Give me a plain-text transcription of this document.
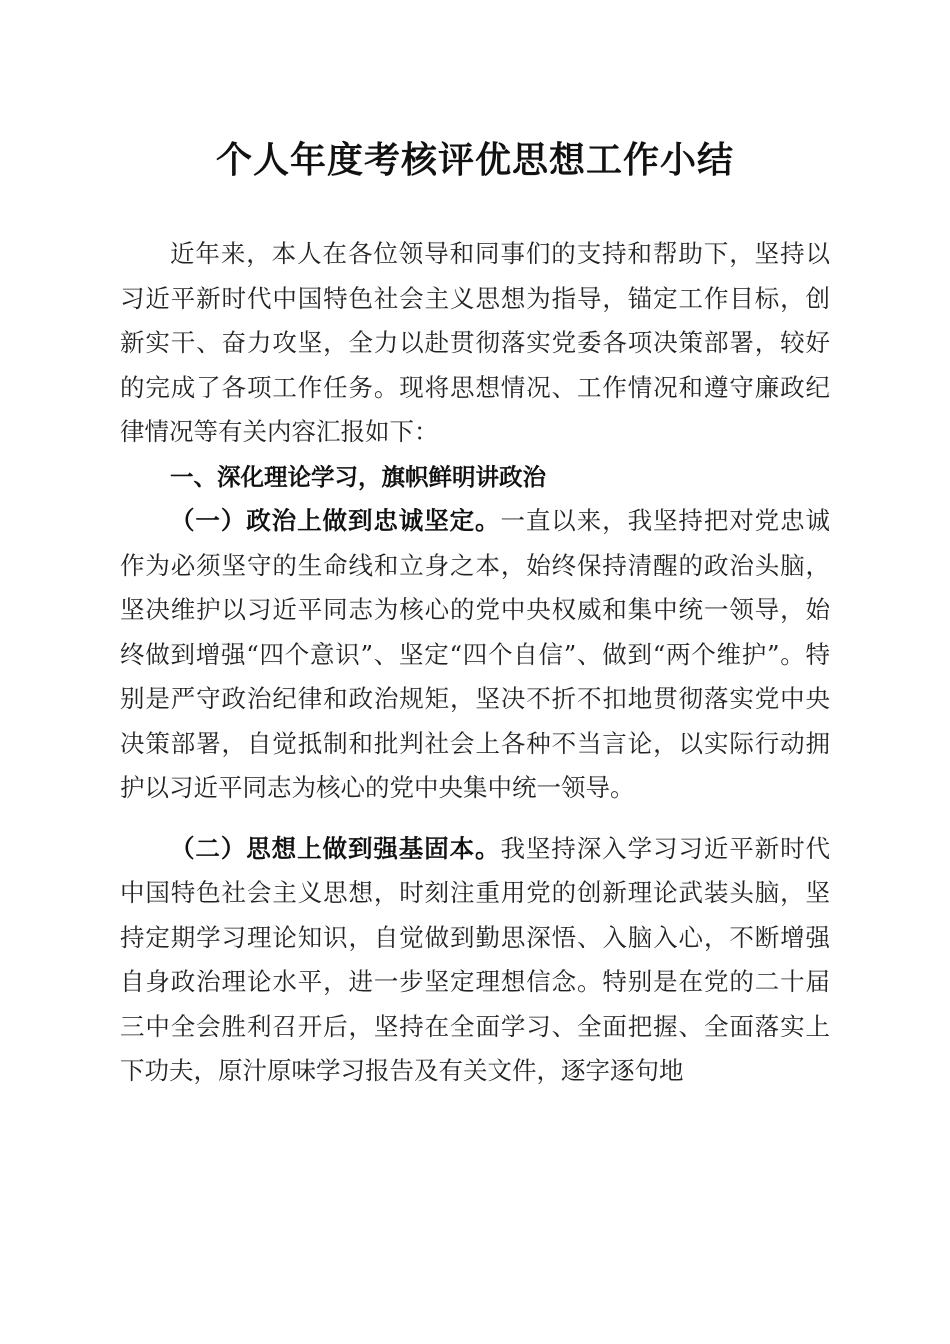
个人年度考核评优思想工作小结

近年来，本人在各位领导和同事们的支持和帮助下，坚持以习近平新时代中国特色社会主义思想为指导，锚定工作目标，创新实干、奋力攻坚，全力以赴贯彻落实党委各项决策部署，较好的完成了各项工作任务。现将思想情况、工作情况和遵守廉政纪律情况等有关内容汇报如下：

一、深化理论学习，旗帜鲜明讲政治

（一）政治上做到忠诚坚定。一直以来，我坚持把对党忠诚作为必须坚守的生命线和立身之本，始终保持清醒的政治头脑，坚决维护以习近平同志为核心的党中央权威和集中统一领导，始终做到增强“四个意识”、坚定“四个自信”、做到“两个维护”。特别是严守政治纪律和政治规矩，坚决不折不扣地贯彻落实党中央决策部署，自觉抵制和批判社会上各种不当言论，以实际行动拥护以习近平同志为核心的党中央集中统一领导。

（二）思想上做到强基固本。我坚持深入学习习近平新时代中国特色社会主义思想，时刻注重用党的创新理论武装头脑，坚持定期学习理论知识，自觉做到勤思深悟、入脑入心，不断增强自身政治理论水平，进一步坚定理想信念。特别是在党的二十届三中全会胜利召开后，坚持在全面学习、全面把握、全面落实上下功夫，原汁原味学习报告及有关文件，逐字逐句地
